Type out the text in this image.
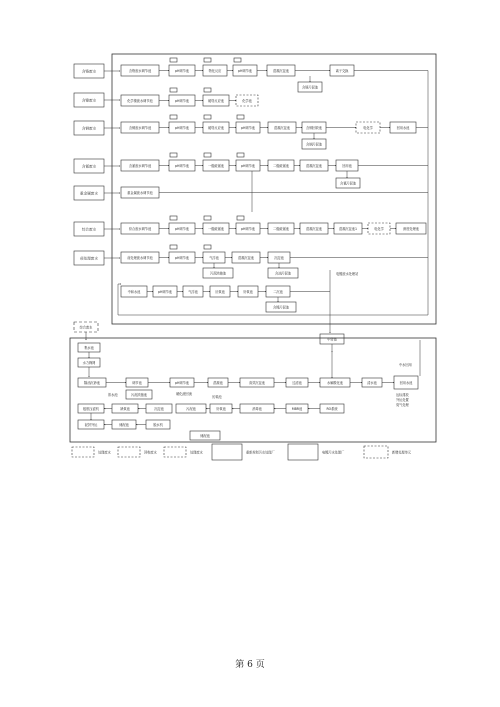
含铬废水
含镍废水
含铜废水
含氰废水
重金属废水
综合废水
前处理废水
含铬废水调节池	pH调节池	物化反应	pH调节池	混凝沉淀池	离子交换
含铬污泥池
化学镍废水调节池	pH调节池	破络反应池	化学池
含铜废水调节池	pH调节池	破络反应池	pH调节池	混凝沉淀池	含铜回收池	电化学	回用水池
含铜污泥池
含氰废水调节池	pH调节池	一级破氰池	pH调节池	二级破氰池	混凝沉淀池	回用池
含氰污泥池
重金属废水调节池
综合废水调节池	pH调节池	一级破氰池	pH调节池	二级破氰池	混凝沉淀池	混凝沉淀池1	电化学	深度处理池
前处理废水调节池	pH调节池	气浮池	混凝沉淀池	沉淀池
含油污泥池
污泥浓缩池
中和水池	pH调节池	气浮池	厌氧池	好氧池	二沉池
含镍污泥池
电镀废水处理站
中转池
综合废水
集水池
水力筛网
隔油沉砂池	调节池	pH调节池	混凝池	高效沉淀池	过滤池	水解酸化池	清水池	回用水池
中水回用
达标排放
外运处置
臭气处理
污泥浓缩池
浓水池	硝化液回流
厌氧池
板框压滤机	缺氧池	沉淀池	污泥池	好氧池	消毒池	MBR池	RO系统
泥饼外运	储泥池	脱水机
储泥池
处理废水	回收废水	处理废水	重新规划污水处理厂	电镀污水处理厂	新增处理单元
第 6 页
